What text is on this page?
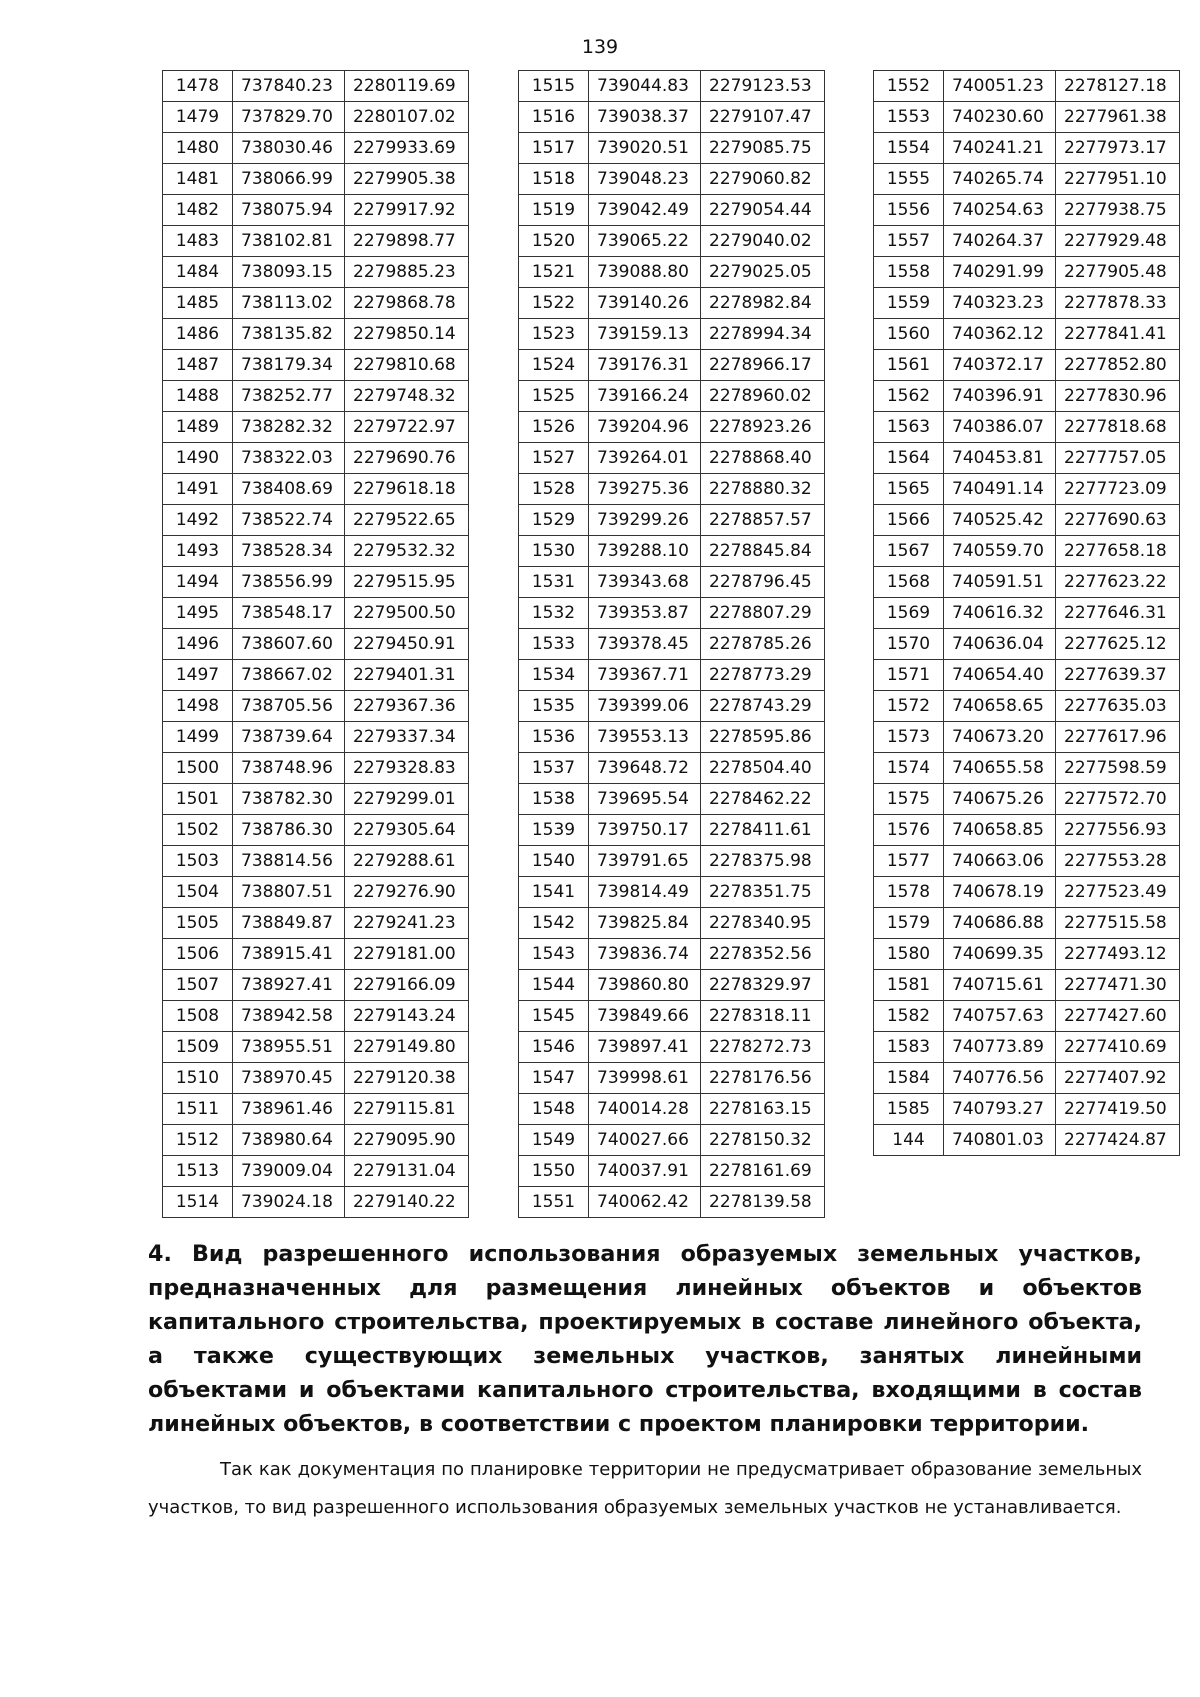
139
1478	737840.23	2280119.69
1479	737829.70	2280107.02
1480	738030.46	2279933.69
1481	738066.99	2279905.38
1482	738075.94	2279917.92
1483	738102.81	2279898.77
1484	738093.15	2279885.23
1485	738113.02	2279868.78
1486	738135.82	2279850.14
1487	738179.34	2279810.68
1488	738252.77	2279748.32
1489	738282.32	2279722.97
1490	738322.03	2279690.76
1491	738408.69	2279618.18
1492	738522.74	2279522.65
1493	738528.34	2279532.32
1494	738556.99	2279515.95
1495	738548.17	2279500.50
1496	738607.60	2279450.91
1497	738667.02	2279401.31
1498	738705.56	2279367.36
1499	738739.64	2279337.34
1500	738748.96	2279328.83
1501	738782.30	2279299.01
1502	738786.30	2279305.64
1503	738814.56	2279288.61
1504	738807.51	2279276.90
1505	738849.87	2279241.23
1506	738915.41	2279181.00
1507	738927.41	2279166.09
1508	738942.58	2279143.24
1509	738955.51	2279149.80
1510	738970.45	2279120.38
1511	738961.46	2279115.81
1512	738980.64	2279095.90
1513	739009.04	2279131.04
1514	739024.18	2279140.22
1515	739044.83	2279123.53
1516	739038.37	2279107.47
1517	739020.51	2279085.75
1518	739048.23	2279060.82
1519	739042.49	2279054.44
1520	739065.22	2279040.02
1521	739088.80	2279025.05
1522	739140.26	2278982.84
1523	739159.13	2278994.34
1524	739176.31	2278966.17
1525	739166.24	2278960.02
1526	739204.96	2278923.26
1527	739264.01	2278868.40
1528	739275.36	2278880.32
1529	739299.26	2278857.57
1530	739288.10	2278845.84
1531	739343.68	2278796.45
1532	739353.87	2278807.29
1533	739378.45	2278785.26
1534	739367.71	2278773.29
1535	739399.06	2278743.29
1536	739553.13	2278595.86
1537	739648.72	2278504.40
1538	739695.54	2278462.22
1539	739750.17	2278411.61
1540	739791.65	2278375.98
1541	739814.49	2278351.75
1542	739825.84	2278340.95
1543	739836.74	2278352.56
1544	739860.80	2278329.97
1545	739849.66	2278318.11
1546	739897.41	2278272.73
1547	739998.61	2278176.56
1548	740014.28	2278163.15
1549	740027.66	2278150.32
1550	740037.91	2278161.69
1551	740062.42	2278139.58
1552	740051.23	2278127.18
1553	740230.60	2277961.38
1554	740241.21	2277973.17
1555	740265.74	2277951.10
1556	740254.63	2277938.75
1557	740264.37	2277929.48
1558	740291.99	2277905.48
1559	740323.23	2277878.33
1560	740362.12	2277841.41
1561	740372.17	2277852.80
1562	740396.91	2277830.96
1563	740386.07	2277818.68
1564	740453.81	2277757.05
1565	740491.14	2277723.09
1566	740525.42	2277690.63
1567	740559.70	2277658.18
1568	740591.51	2277623.22
1569	740616.32	2277646.31
1570	740636.04	2277625.12
1571	740654.40	2277639.37
1572	740658.65	2277635.03
1573	740673.20	2277617.96
1574	740655.58	2277598.59
1575	740675.26	2277572.70
1576	740658.85	2277556.93
1577	740663.06	2277553.28
1578	740678.19	2277523.49
1579	740686.88	2277515.58
1580	740699.35	2277493.12
1581	740715.61	2277471.30
1582	740757.63	2277427.60
1583	740773.89	2277410.69
1584	740776.56	2277407.92
1585	740793.27	2277419.50
144	740801.03	2277424.87

4. Вид разрешенного использования образуемых земельных участков, предназначенных для размещения линейных объектов и объектов капитального строительства, проектируемых в составе линейного объекта, а также существующих земельных участков, занятых линейными объектами и объектами капитального строительства, входящими в состав линейных объектов, в соответствии с проектом планировки территории.

Так как документация по планировке территории не предусматривает образование земельных участков, то вид разрешенного использования образуемых земельных участков не устанавливается.
